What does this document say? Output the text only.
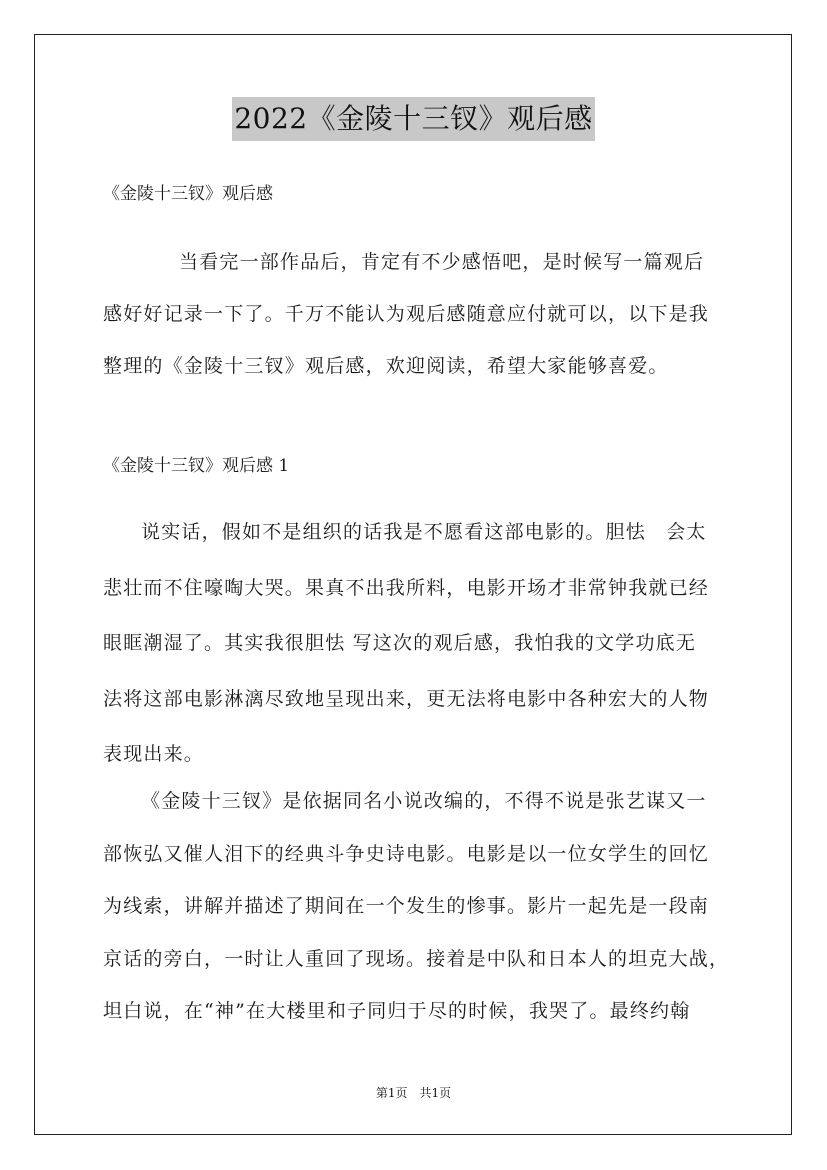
2022《金陵十三钗》观后感
《金陵十三钗》观后感
当看完一部作品后，肯定有不少感悟吧，是时候写一篇观后
感好好记录一下了。千万不能认为观后感随意应付就可以，以下是我
整理的《金陵十三钗》观后感，欢迎阅读，希望大家能够喜爱。
《金陵十三钗》观后感 1
说实话，假如不是组织的话我是不愿看这部电影的。胆怯　会太
悲壮而不住嚎啕大哭。果真不出我所料，电影开场才非常钟我就已经
眼眶潮湿了。其实我很胆怯 写这次的观后感，我怕我的文学功底无
法将这部电影淋漓尽致地呈现出来，更无法将电影中各种宏大的人物
表现出来。
《金陵十三钗》是依据同名小说改编的，不得不说是张艺谋又一
部恢弘又催人泪下的经典斗争史诗电影。电影是以一位女学生的回忆
为线索，讲解并描述了期间在一个发生的惨事。影片一起先是一段南
京话的旁白，一时让人重回了现场。接着是中队和日本人的坦克大战，
坦白说，在“神”在大楼里和子同归于尽的时候，我哭了。最终约翰
第1页　共1页
